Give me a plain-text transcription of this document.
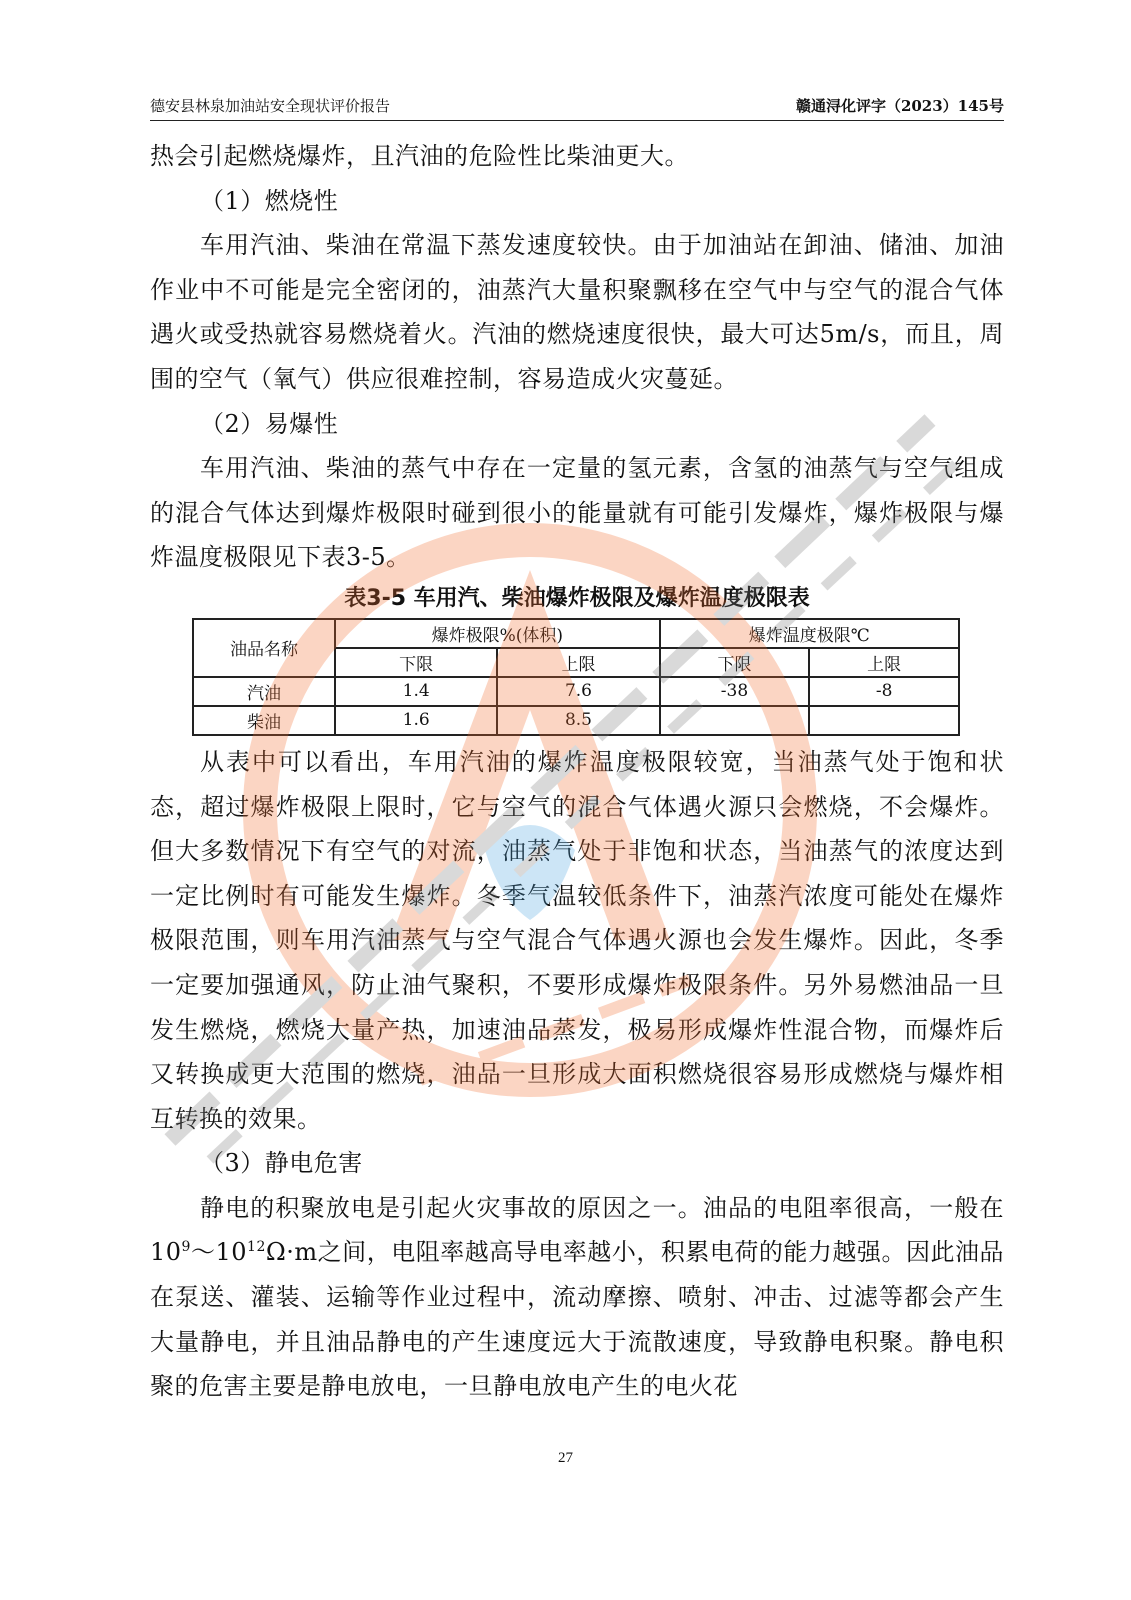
德安县林泉加油站安全现状评价报告	赣通浔化评字（2023）145号

热会引起燃烧爆炸，且汽油的危险性比柴油更大。

（1）燃烧性

车用汽油、柴油在常温下蒸发速度较快。由于加油站在卸油、储油、加油作业中不可能是完全密闭的，油蒸汽大量积聚飘移在空气中与空气的混合气体遇火或受热就容易燃烧着火。汽油的燃烧速度很快，最大可达5m/s，而且，周围的空气（氧气）供应很难控制，容易造成火灾蔓延。

（2）易爆性

车用汽油、柴油的蒸气中存在一定量的氢元素，含氢的油蒸气与空气组成的混合气体达到爆炸极限时碰到很小的能量就有可能引发爆炸，爆炸极限与爆炸温度极限见下表3-5。

表3-5 车用汽、柴油爆炸极限及爆炸温度极限表

油品名称	爆炸极限%(体积)		爆炸温度极限℃	
	下限	上限	下限	上限
汽油	1.4	7.6	-38	-8
柴油	1.6	8.5		

从表中可以看出，车用汽油的爆炸温度极限较宽，当油蒸气处于饱和状态，超过爆炸极限上限时，它与空气的混合气体遇火源只会燃烧，不会爆炸。但大多数情况下有空气的对流，油蒸气处于非饱和状态，当油蒸气的浓度达到一定比例时有可能发生爆炸。冬季气温较低条件下，油蒸汽浓度可能处在爆炸极限范围，则车用汽油蒸气与空气混合气体遇火源也会发生爆炸。因此，冬季一定要加强通风，防止油气聚积，不要形成爆炸极限条件。另外易燃油品一旦发生燃烧，燃烧大量产热，加速油品蒸发，极易形成爆炸性混合物，而爆炸后又转换成更大范围的燃烧，油品一旦形成大面积燃烧很容易形成燃烧与爆炸相互转换的效果。

（3）静电危害

静电的积聚放电是引起火灾事故的原因之一。油品的电阻率很高，一般在$10^9\sim 10^{12}\Omega\cdot m$之间，电阻率越高导电率越小，积累电荷的能力越强。因此油品在泵送、灌装、运输等作业过程中，流动摩擦、喷射、冲击、过滤等都会产生大量静电，并且油品静电的产生速度远大于流散速度，导致静电积聚。静电积聚的危害主要是静电放电，一旦静电放电产生的电火花

27
